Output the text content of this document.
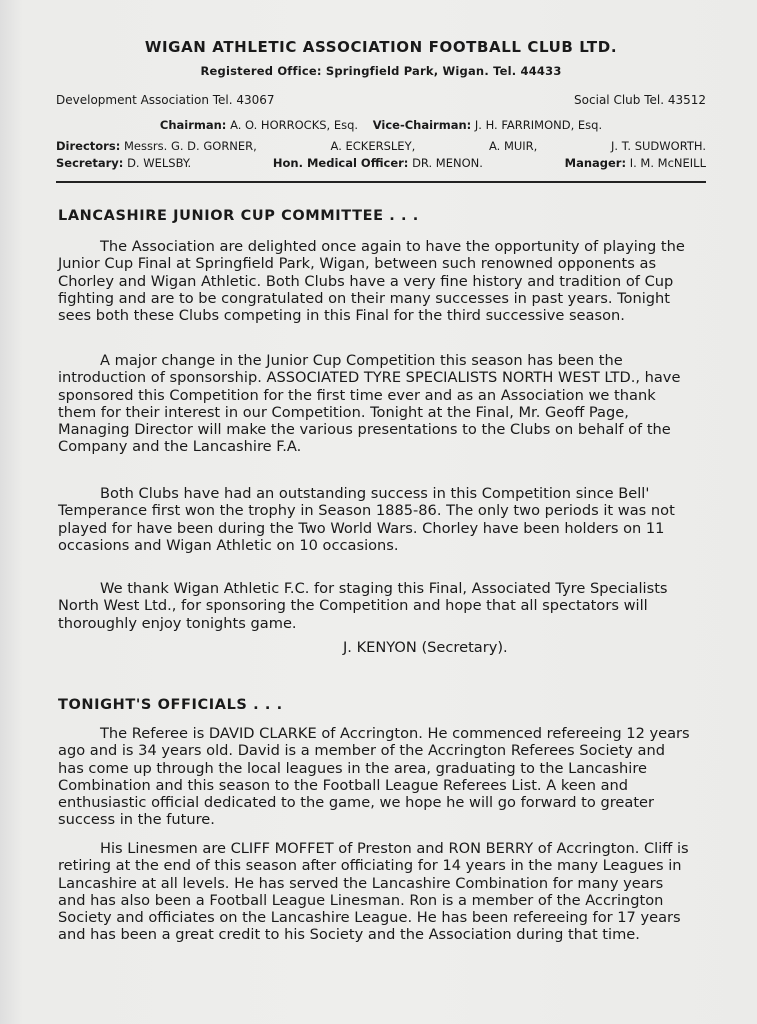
WIGAN ATHLETIC ASSOCIATION FOOTBALL CLUB LTD.
Registered Office: Springfield Park, Wigan. Tel. 44433
Development Association Tel. 43067	Social Club Tel. 43512
Chairman: A. O. HORROCKS, Esq. Vice-Chairman: J. H. FARRIMOND, Esq.
Directors: Messrs. G. D. GORNER,	A. ECKERSLEY,	A. MUIR,	J. T. SUDWORTH.
Secretary: D. WELSBY.	Hon. Medical Officer: DR. MENON.	Manager: I. M. McNEILL
LANCASHIRE JUNIOR CUP COMMITTEE . . .

The Association are delighted once again to have the opportunity of playing the Junior Cup Final at Springfield Park, Wigan, between such renowned opponents as Chorley and Wigan Athletic. Both Clubs have a very fine history and tradition of Cup fighting and are to be congratulated on their many successes in past years. Tonight sees both these Clubs competing in this Final for the third successive season.

A major change in the Junior Cup Competition this season has been the introduction of sponsorship. ASSOCIATED TYRE SPECIALISTS NORTH WEST LTD., have sponsored this Competition for the first time ever and as an Association we thank them for their interest in our Competition. Tonight at the Final, Mr. Geoff Page, Managing Director will make the various presentations to the Clubs on behalf of the Company and the Lancashire F.A.

Both Clubs have had an outstanding success in this Competition since Bell' Temperance first won the trophy in Season 1885-86. The only two periods it was not played for have been during the Two World Wars. Chorley have been holders on 11 occasions and Wigan Athletic on 10 occasions.

We thank Wigan Athletic F.C. for staging this Final, Associated Tyre Specialists North West Ltd., for sponsoring the Competition and hope that all spectators will thoroughly enjoy tonights game.

J. KENYON (Secretary).
TONIGHT'S OFFICIALS . . .

The Referee is DAVID CLARKE of Accrington. He commenced refereeing 12 years ago and is 34 years old. David is a member of the Accrington Referees Society and has come up through the local leagues in the area, graduating to the Lancashire Combination and this season to the Football League Referees List. A keen and enthusiastic official dedicated to the game, we hope he will go forward to greater success in the future.

His Linesmen are CLIFF MOFFET of Preston and RON BERRY of Accrington. Cliff is retiring at the end of this season after officiating for 14 years in the many Leagues in Lancashire at all levels. He has served the Lancashire Combination for many years and has also been a Football League Linesman. Ron is a member of the Accrington Society and officiates on the Lancashire League. He has been refereeing for 17 years and has been a great credit to his Society and the Association during that time.
